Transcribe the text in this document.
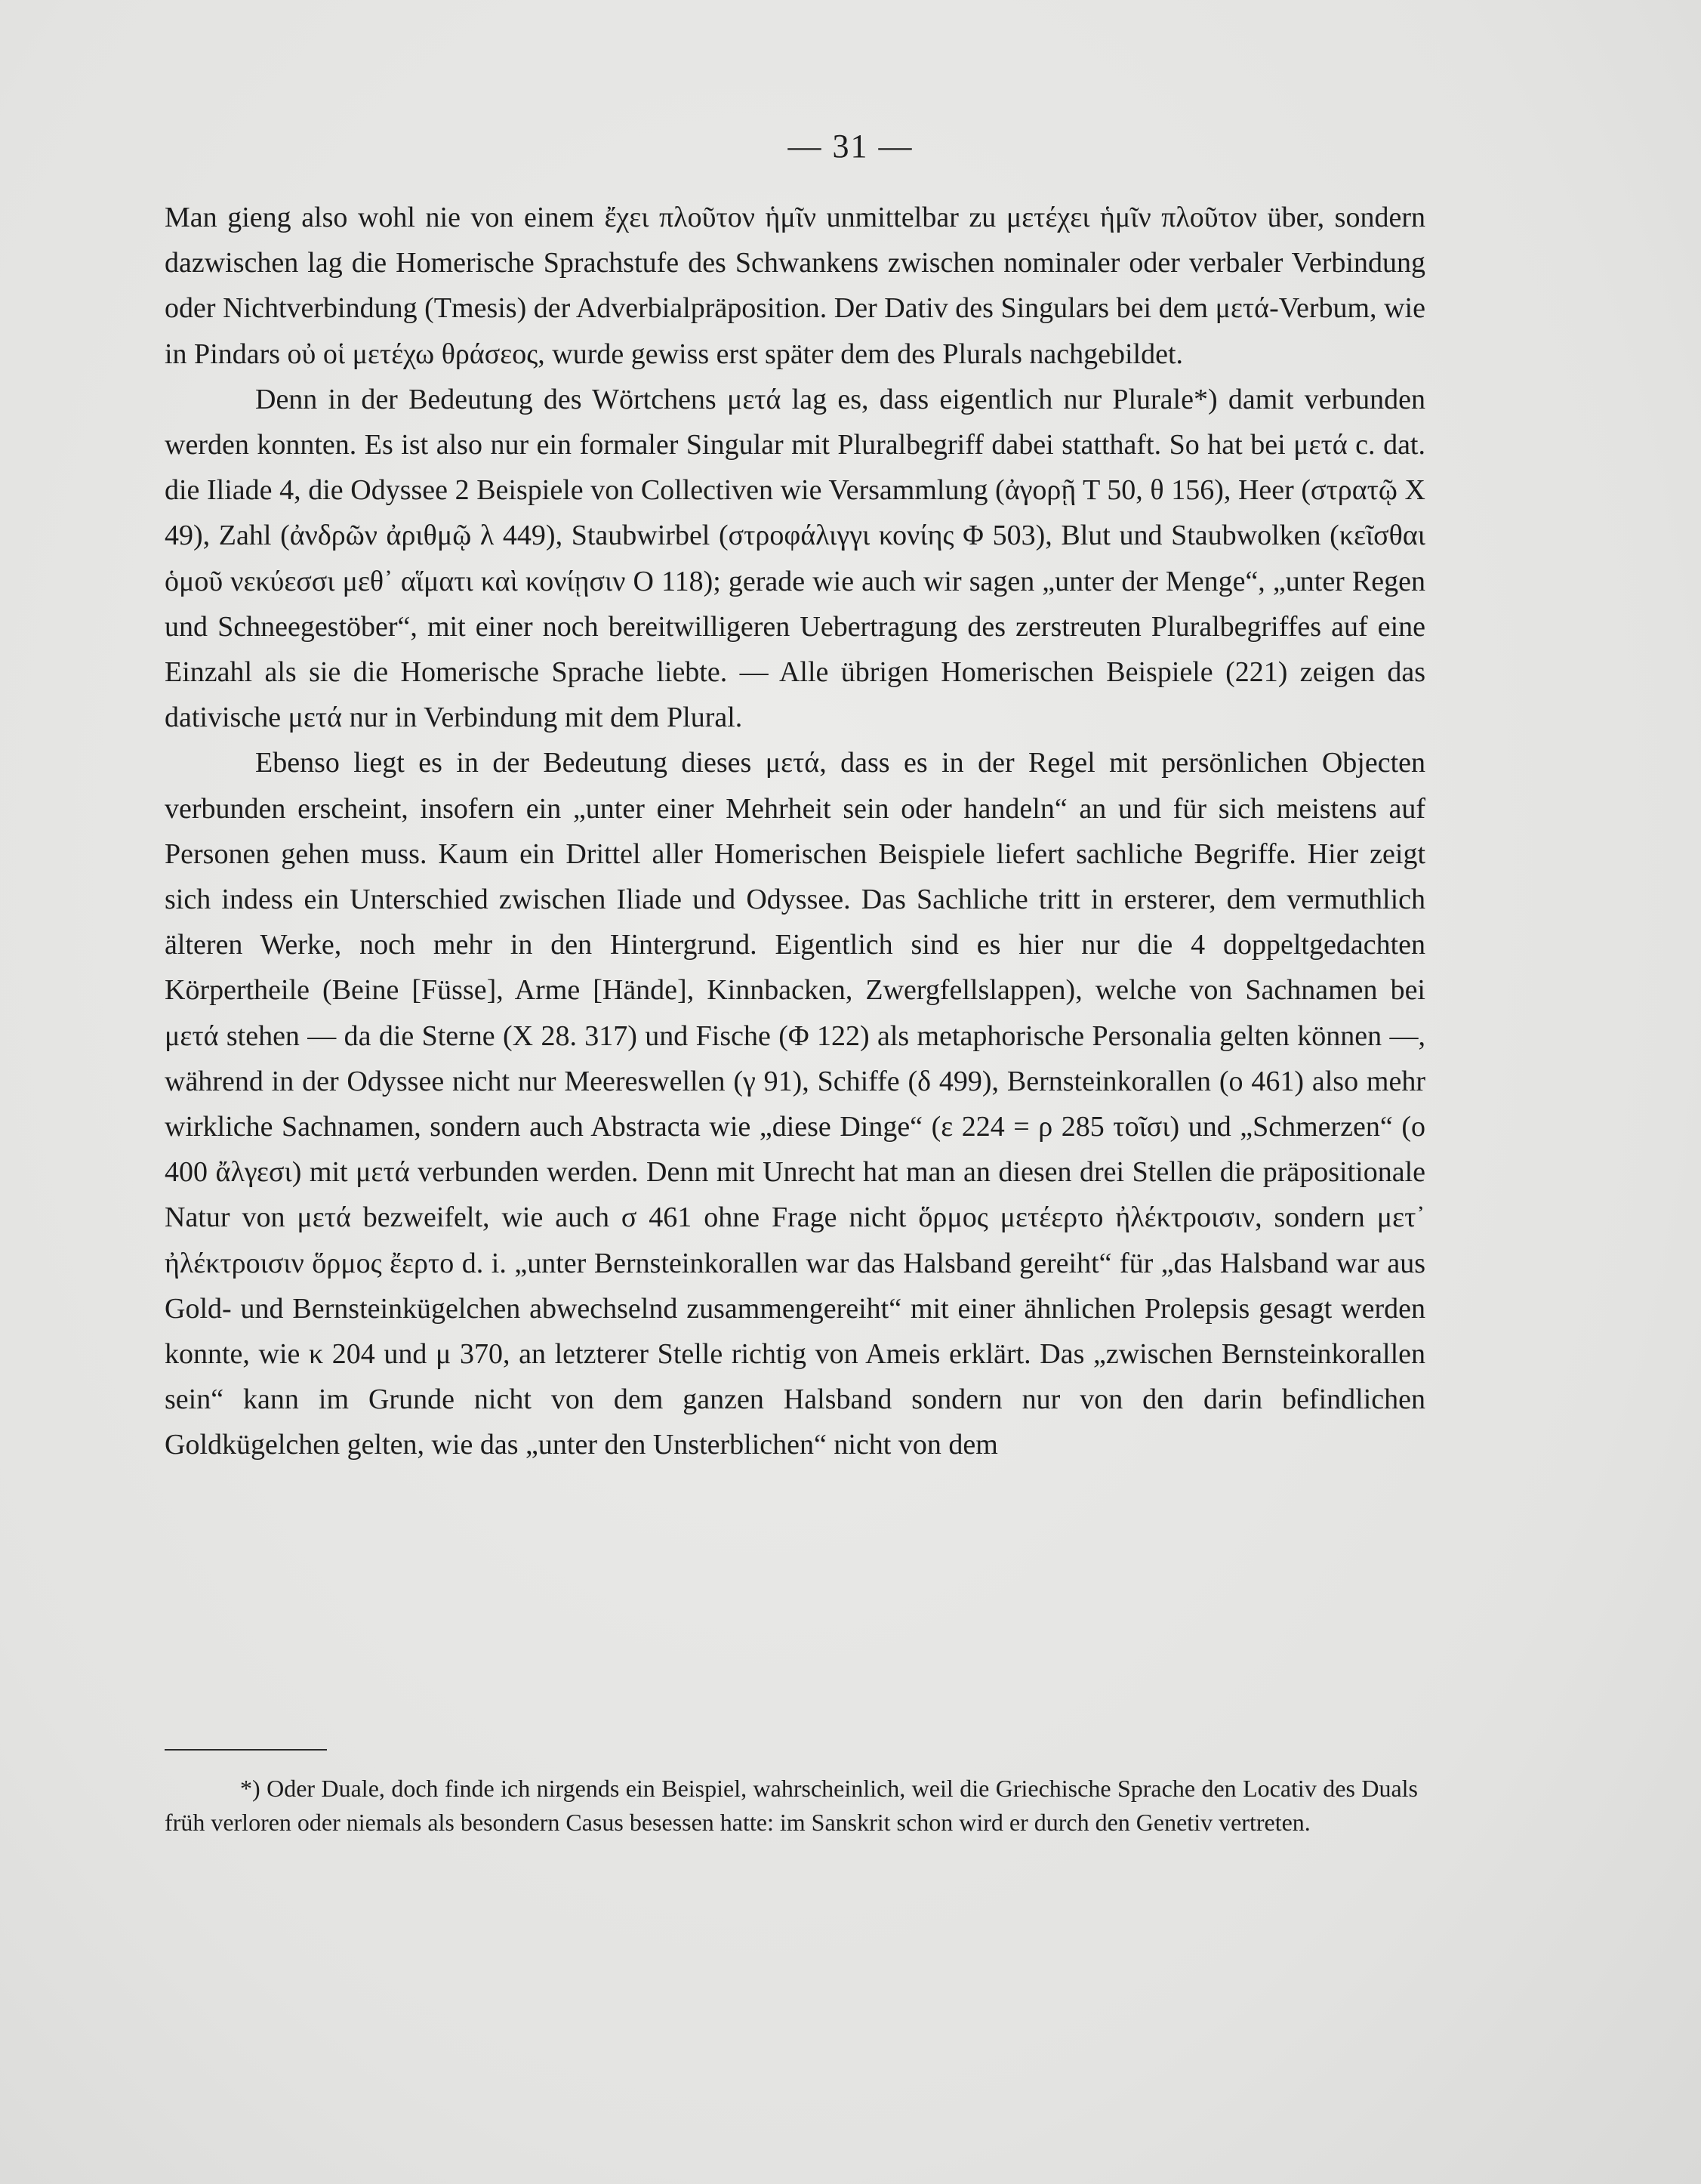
— 31 —

Man gieng also wohl nie von einem ἔχει πλοῦτον ἡμῖν unmittelbar zu μετέχει ἡμῖν πλοῦτον über, sondern dazwischen lag die Homerische Sprachstufe des Schwankens zwischen nominaler oder verbaler Verbindung oder Nichtverbindung (Tmesis) der Adverbialpräposition. Der Dativ des Singulars bei dem μετά-Verbum, wie in Pindars οὐ οἱ μετέχω θράσεος, wurde gewiss erst später dem des Plurals nachgebildet.

Denn in der Bedeutung des Wörtchens μετά lag es, dass eigentlich nur Plurale*) damit verbunden werden konnten. Es ist also nur ein formaler Singular mit Pluralbegriff dabei statthaft. So hat bei μετά c. dat. die Iliade 4, die Odyssee 2 Beispiele von Collectiven wie Versammlung (ἀγορῇ Τ 50, θ 156), Heer (στρατῷ Χ 49), Zahl (ἀνδρῶν ἀριθμῷ λ 449), Staubwirbel (στροφάλιγγι κονίης Φ 503), Blut und Staubwolken (κεῖσθαι ὁμοῦ νεκύεσσι μεθ᾽ αἵματι καὶ κονίῃσιν Ο 118); gerade wie auch wir sagen „unter der Menge“, „unter Regen und Schneegestöber“, mit einer noch bereitwilligeren Uebertragung des zerstreuten Pluralbegriffes auf eine Einzahl als sie die Homerische Sprache liebte. — Alle übrigen Homerischen Beispiele (221) zeigen das dativische μετά nur in Verbindung mit dem Plural.

Ebenso liegt es in der Bedeutung dieses μετά, dass es in der Regel mit persönlichen Objecten verbunden erscheint, insofern ein „unter einer Mehrheit sein oder handeln“ an und für sich meistens auf Personen gehen muss. Kaum ein Drittel aller Homerischen Beispiele liefert sachliche Begriffe. Hier zeigt sich indess ein Unterschied zwischen Iliade und Odyssee. Das Sachliche tritt in ersterer, dem vermuthlich älteren Werke, noch mehr in den Hintergrund. Eigentlich sind es hier nur die 4 doppeltgedachten Körpertheile (Beine [Füsse], Arme [Hände], Kinnbacken, Zwergfellslappen), welche von Sachnamen bei μετά stehen — da die Sterne (Χ 28. 317) und Fische (Φ 122) als metaphorische Personalia gelten können —, während in der Odyssee nicht nur Meereswellen (γ 91), Schiffe (δ 499), Bernsteinkorallen (ο 461) also mehr wirkliche Sachnamen, sondern auch Abstracta wie „diese Dinge“ (ε 224 = ρ 285 τοῖσι) und „Schmerzen“ (ο 400 ἄλγεσι) mit μετά verbunden werden. Denn mit Unrecht hat man an diesen drei Stellen die präpositionale Natur von μετά bezweifelt, wie auch σ 461 ohne Frage nicht ὅρμος μετέερτο ἠλέκτροισιν, sondern μετ᾽ ἠλέκτροισιν ὅρμος ἔερτο d. i. „unter Bernsteinkorallen war das Halsband gereiht“ für „das Halsband war aus Gold- und Bernsteinkügelchen abwechselnd zusammengereiht“ mit einer ähnlichen Prolepsis gesagt werden konnte, wie κ 204 und μ 370, an letzterer Stelle richtig von Ameis erklärt. Das „zwischen Bernsteinkorallen sein“ kann im Grunde nicht von dem ganzen Halsband sondern nur von den darin befindlichen Goldkügelchen gelten, wie das „unter den Unsterblichen“ nicht von dem

*) Oder Duale, doch finde ich nirgends ein Beispiel, wahrscheinlich, weil die Griechische Sprache den Locativ des Duals früh verloren oder niemals als besondern Casus besessen hatte: im Sanskrit schon wird er durch den Genetiv vertreten.
